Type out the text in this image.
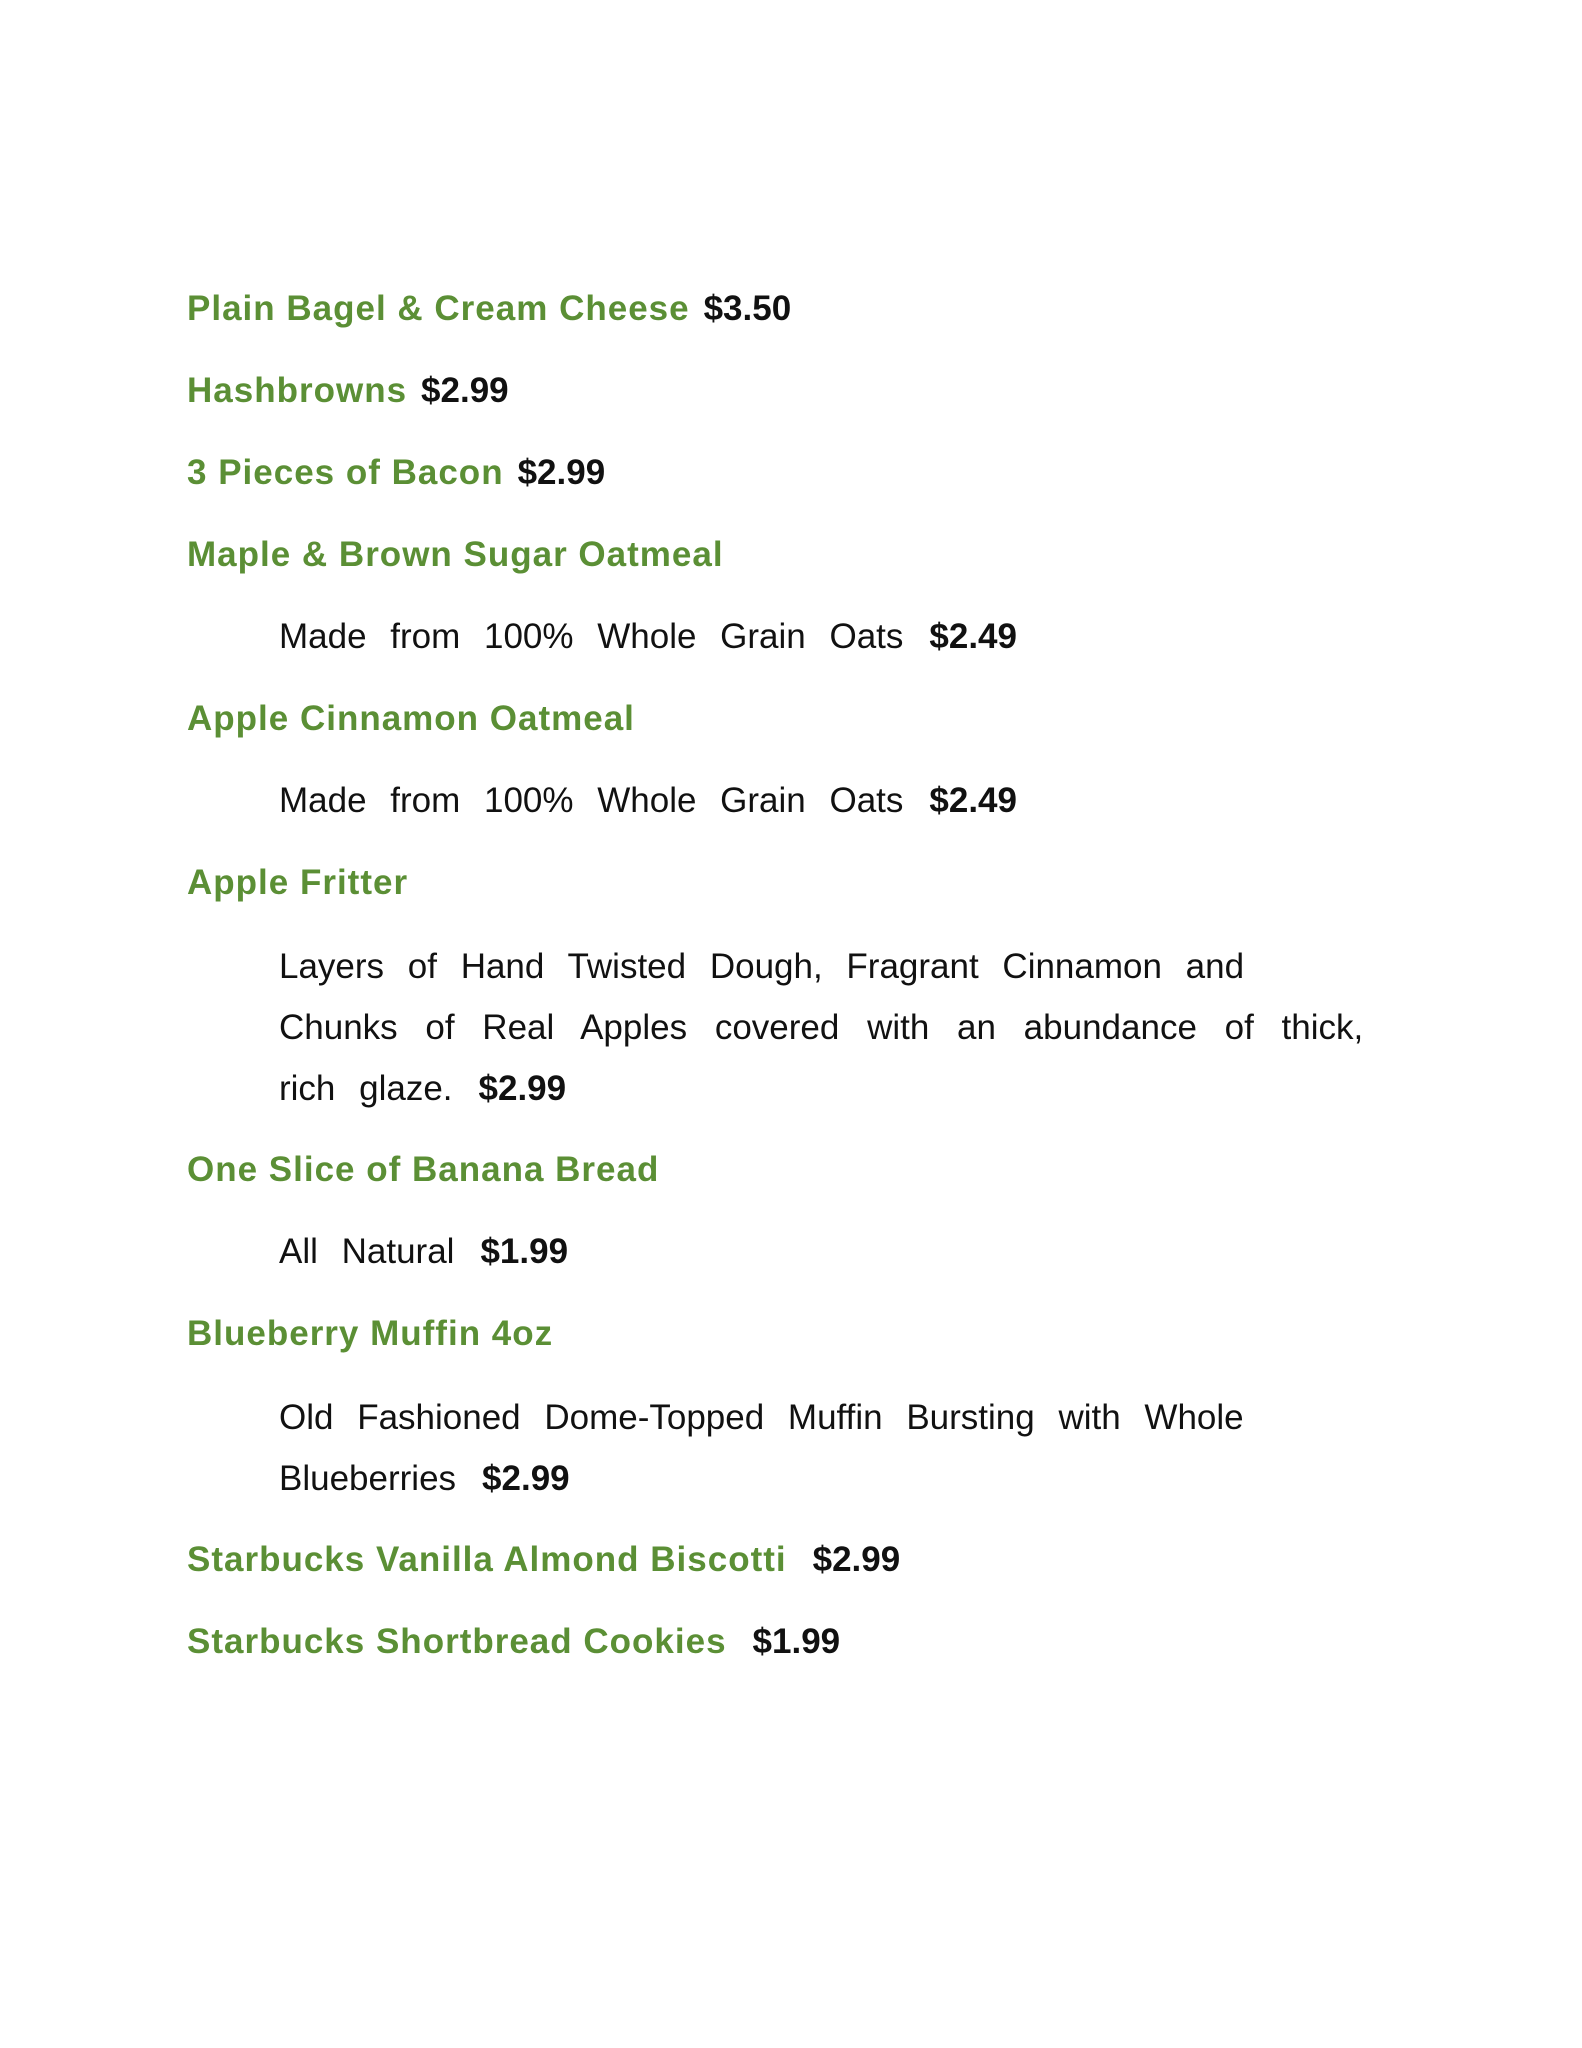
Plain Bagel & Cream Cheese $3.50
Hashbrowns $2.99
3 Pieces of Bacon $2.99
Maple & Brown Sugar Oatmeal
Made from 100% Whole Grain Oats $2.49
Apple Cinnamon Oatmeal
Made from 100% Whole Grain Oats $2.49
Apple Fritter
Layers of Hand Twisted Dough, Fragrant Cinnamon and
Chunks of Real Apples covered with an abundance of thick,
rich glaze. $2.99
One Slice of Banana Bread
All Natural $1.99
Blueberry Muffin 4oz
Old Fashioned Dome-Topped Muffin Bursting with Whole
Blueberries $2.99
Starbucks Vanilla Almond Biscotti $2.99
Starbucks Shortbread Cookies $1.99
